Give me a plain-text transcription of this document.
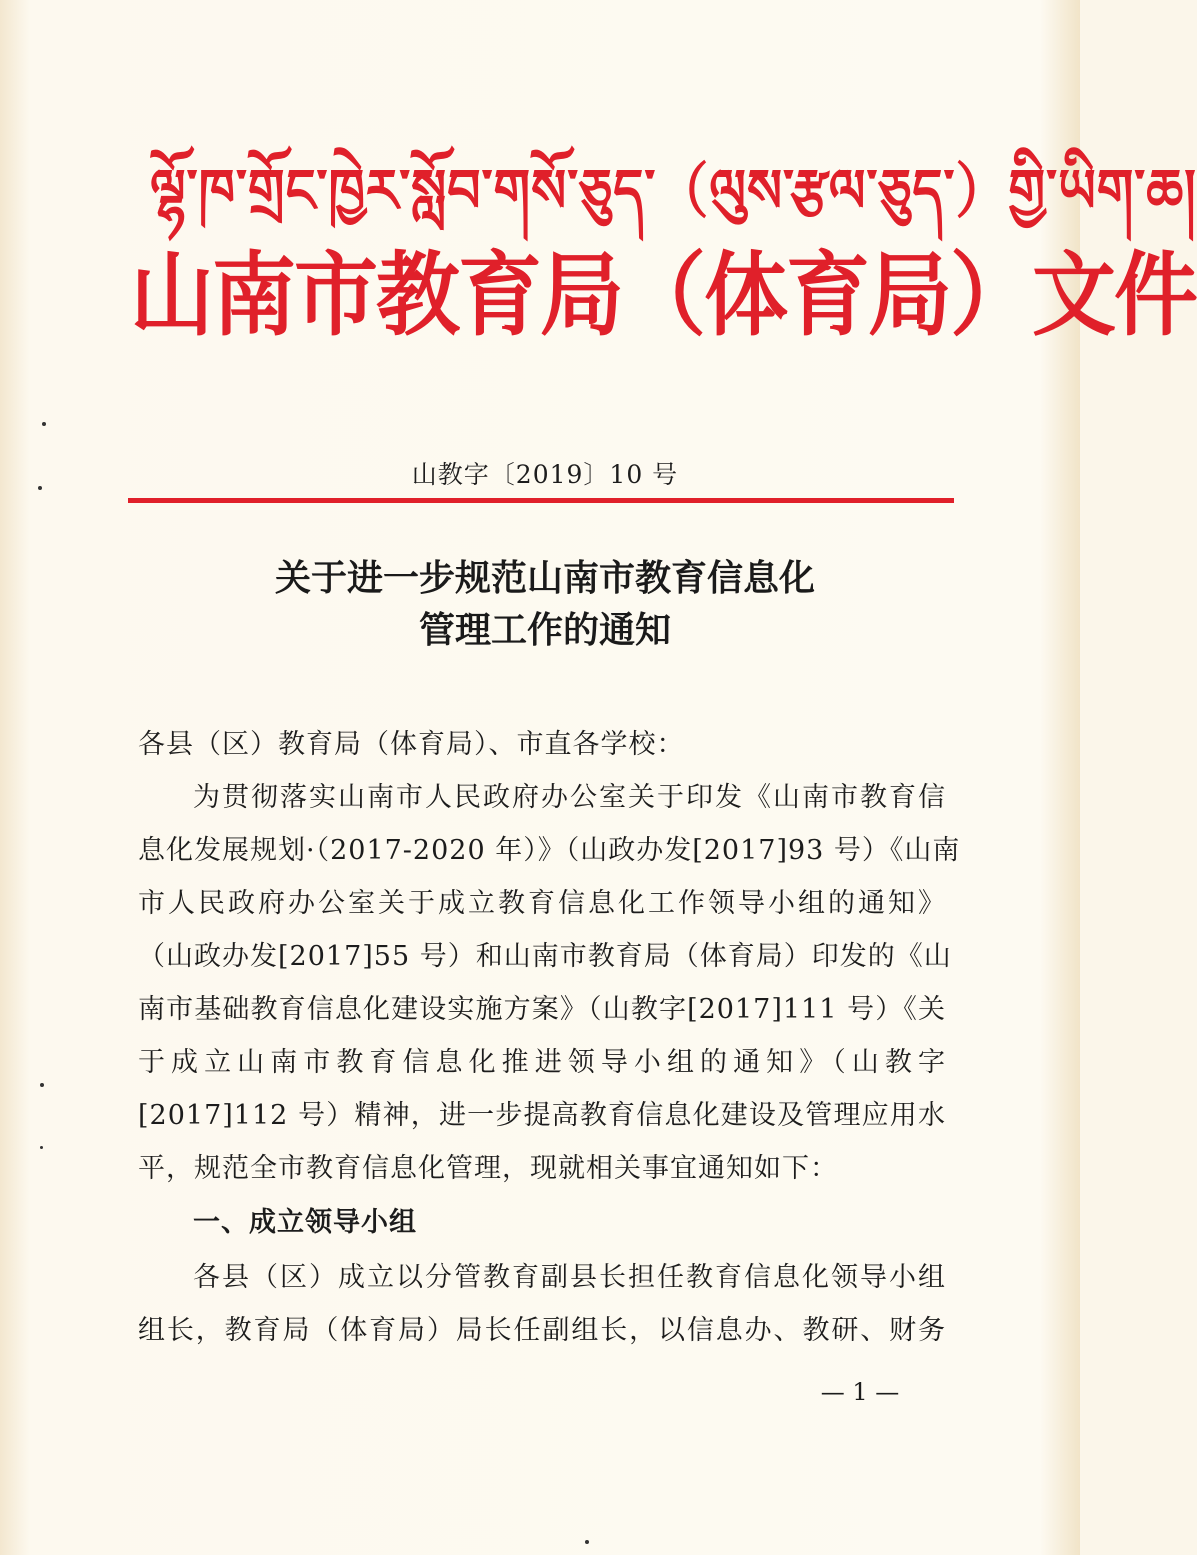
ལྷོ་ཁ་གྲོང་ཁྱེར་སློབ་གསོ་ཅུད་（ལུས་རྩལ་ཅུད་）གྱི་ཡིག་ཆ།
山南市教育局（体育局）文件
山教字〔2019〕10 号
关于进一步规范山南市教育信息化
管理工作的通知
各县（区）教育局（体育局）、市直各学校：
为贯彻落实山南市人民政府办公室关于印发《山南市教育信
息化发展规划·（2017-2020 年）》（山政办发[2017]93 号）《山南
市人民政府办公室关于成立教育信息化工作领导小组的通知》
（山政办发[2017]55 号）和山南市教育局（体育局）印发的《山
南市基础教育信息化建设实施方案》（山教字[2017]111 号）《关
于成立山南市教育信息化推进领导小组的通知》（山教字
[2017]112 号）精神，进一步提高教育信息化建设及管理应用水
平，规范全市教育信息化管理，现就相关事宜通知如下：
一、成立领导小组
各县（区）成立以分管教育副县长担任教育信息化领导小组
组长，教育局（体育局）局长任副组长，以信息办、教研、财务
— 1 —
